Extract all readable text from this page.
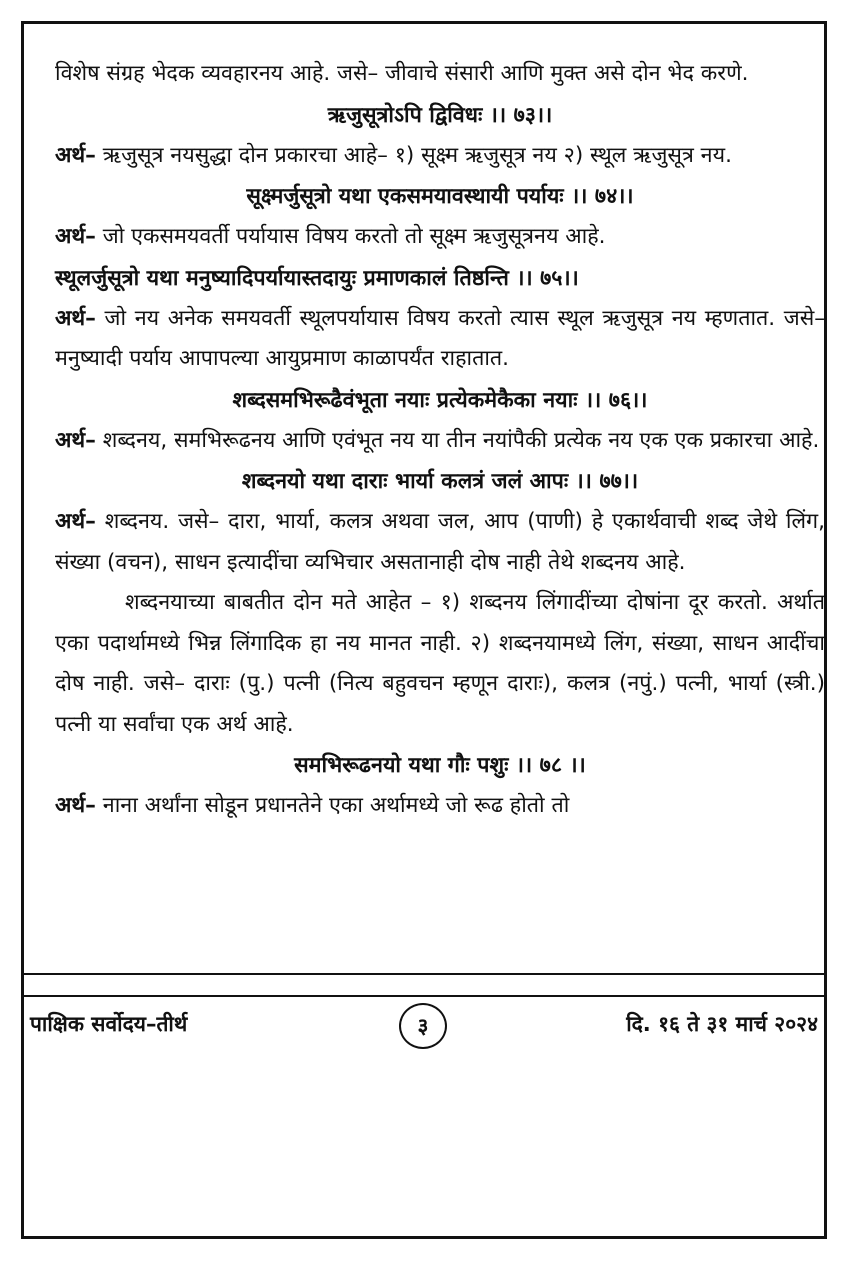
विशेष संग्रह भेदक व्यवहारनय आहे. जसे– जीवाचे संसारी आणि मुक्त असे दोन भेद करणे.

ऋजुसूत्रोऽपि द्विविधः ।। ७३।।

अर्थ– ऋजुसूत्र नयसुद्धा दोन प्रकारचा आहे– १) सूक्ष्म ऋजुसूत्र नय २) स्थूल ऋजुसूत्र नय.

सूक्ष्मर्जुसूत्रो यथा एकसमयावस्थायी पर्यायः ।। ७४।।

अर्थ– जो एकसमयवर्ती पर्यायास विषय करतो तो सूक्ष्म ऋजुसूत्रनय आहे.

स्थूलर्जुसूत्रो यथा मनुष्यादिपर्यायास्तदायुः प्रमाणकालं तिष्ठन्ति ।। ७५।।

अर्थ– जो नय अनेक समयवर्ती स्थूलपर्यायास विषय करतो त्यास स्थूल ऋजुसूत्र नय म्हणतात. जसे– मनुष्यादी पर्याय आपापल्या आयुप्रमाण काळापर्यंत राहातात.

शब्दसमभिरूढैवंभूता नयाः प्रत्येकमेकैका नयाः ।। ७६।।

अर्थ– शब्दनय, समभिरूढनय आणि एवंभूत नय या तीन नयांपैकी प्रत्येक नय एक एक प्रकारचा आहे.

शब्दनयो यथा दाराः भार्या कलत्रं जलं आपः ।। ७७।।

अर्थ– शब्दनय. जसे– दारा, भार्या, कलत्र अथवा जल, आप (पाणी) हे एकार्थवाची शब्द जेथे लिंग, संख्या (वचन), साधन इत्यादींचा व्यभिचार असतानाही दोष नाही तेथे शब्दनय आहे.

शब्दनयाच्या बाबतीत दोन मते आहेत – १) शब्दनय लिंगादींच्या दोषांना दूर करतो. अर्थात एका पदार्थामध्ये भिन्न लिंगादिक हा नय मानत नाही. २) शब्दनयामध्ये लिंग, संख्या, साधन आदींचा दोष नाही. जसे– दाराः (पु.) पत्नी (नित्य बहुवचन म्हणून दाराः), कलत्र (नपुं.) पत्नी, भार्या (स्त्री.) पत्नी या सर्वांचा एक अर्थ आहे.

समभिरूढनयो यथा गौः पशुः ।। ७८ ।।

अर्थ– नाना अर्थांना सोडून प्रधानतेने एका अर्थामध्ये जो रूढ होतो तो

पाक्षिक सर्वोदय–तीर्थ	३	दि. १६ ते ३१ मार्च २०२४
